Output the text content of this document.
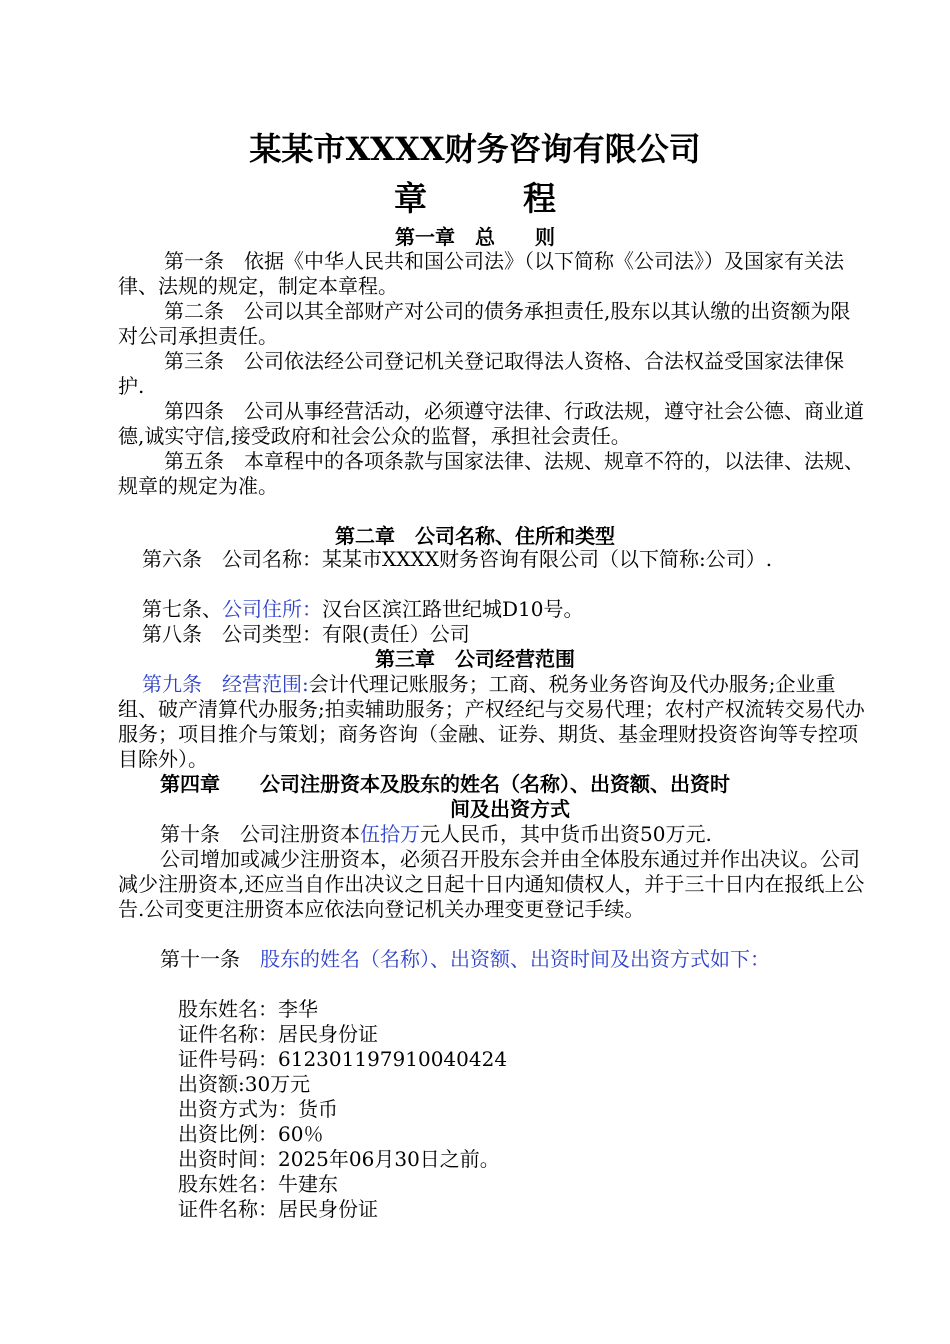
某某市XXXX财务咨询有限公司
章	程
第一章　总　　则
第一条　依据《中华人民共和国公司法》（以下简称《公司法》）及国家有关法律、法规的规定，制定本章程。
第二条　公司以其全部财产对公司的债务承担责任,股东以其认缴的出资额为限对公司承担责任。
第三条　公司依法经公司登记机关登记取得法人资格、合法权益受国家法律保护.
第四条　公司从事经营活动，必须遵守法律、行政法规，遵守社会公德、商业道德,诚实守信,接受政府和社会公众的监督，承担社会责任。
第五条　本章程中的各项条款与国家法律、法规、规章不符的，以法律、法规、规章的规定为准。
第二章　公司名称、住所和类型
第六条　公司名称：某某市XXXX财务咨询有限公司（以下简称:公司）.
第七条、公司住所：汉台区滨江路世纪城D10号。
第八条　公司类型：有限(责任）公司
第三章　公司经营范围
第九条　经营范围:会计代理记账服务；工商、税务业务咨询及代办服务;企业重组、破产清算代办服务;拍卖辅助服务；产权经纪与交易代理；农村产权流转交易代办服务；项目推介与策划；商务咨询（金融、证券、期货、基金理财投资咨询等专控项目除外）。
第四章　　公司注册资本及股东的姓名（名称）、出资额、出资时
间及出资方式
第十条　公司注册资本伍拾万元人民币，其中货币出资50万元.
公司增加或减少注册资本，必须召开股东会并由全体股东通过并作出决议。公司减少注册资本,还应当自作出决议之日起十日内通知债权人，并于三十日内在报纸上公告.公司变更注册资本应依法向登记机关办理变更登记手续。
第十一条　股东的姓名（名称）、出资额、出资时间及出资方式如下：
股东姓名：李华
证件名称：居民身份证
证件号码：612301197910040424
出资额:30万元
出资方式为：货币
出资比例：60％
出资时间：2025年06月30日之前。
股东姓名：牛建东
证件名称：居民身份证
